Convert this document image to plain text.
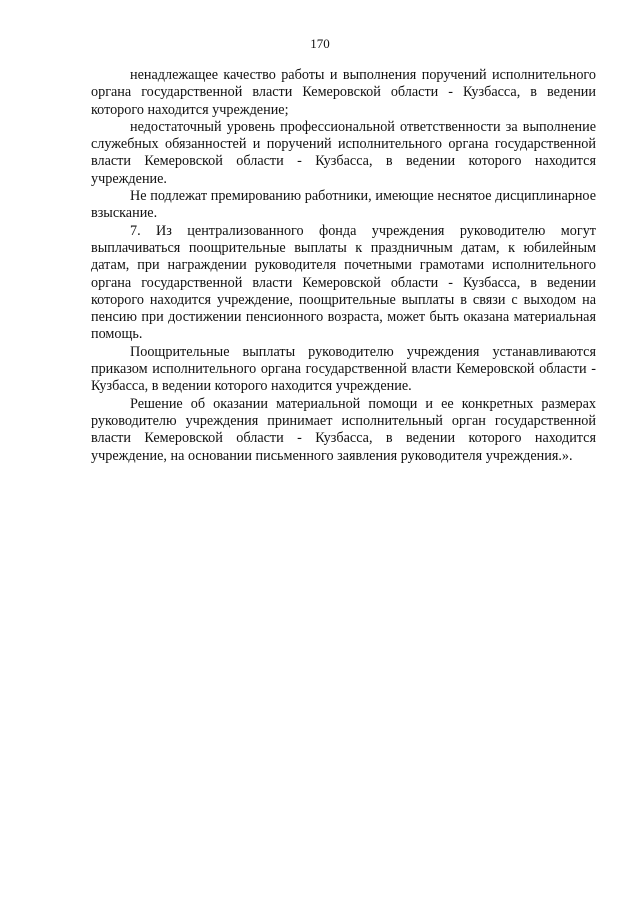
170

ненадлежащее качество работы и выполнения поручений исполнительного органа государственной власти Кемеровской области - Кузбасса, в ведении которого находится учреждение;

недостаточный уровень профессиональной ответственности за выполнение служебных обязанностей и поручений исполнительного органа государственной власти Кемеровской области - Кузбасса, в ведении которого находится учреждение.

Не подлежат премированию работники, имеющие неснятое дисциплинарное взыскание.

7. Из централизованного фонда учреждения руководителю могут выплачиваться поощрительные выплаты к праздничным датам, к юбилейным датам, при награждении руководителя почетными грамотами исполнительного органа государственной власти Кемеровской области - Кузбасса, в ведении которого находится учреждение, поощрительные выплаты в связи с выходом на пенсию при достижении пенсионного возраста, может быть оказана материальная помощь.

Поощрительные выплаты руководителю учреждения устанавливаются приказом исполнительного органа государственной власти Кемеровской области - Кузбасса, в ведении которого находится учреждение.

Решение об оказании материальной помощи и ее конкретных размерах руководителю учреждения принимает исполнительный орган государственной власти Кемеровской области - Кузбасса, в ведении которого находится учреждение, на основании письменного заявления руководителя учреждения.».
